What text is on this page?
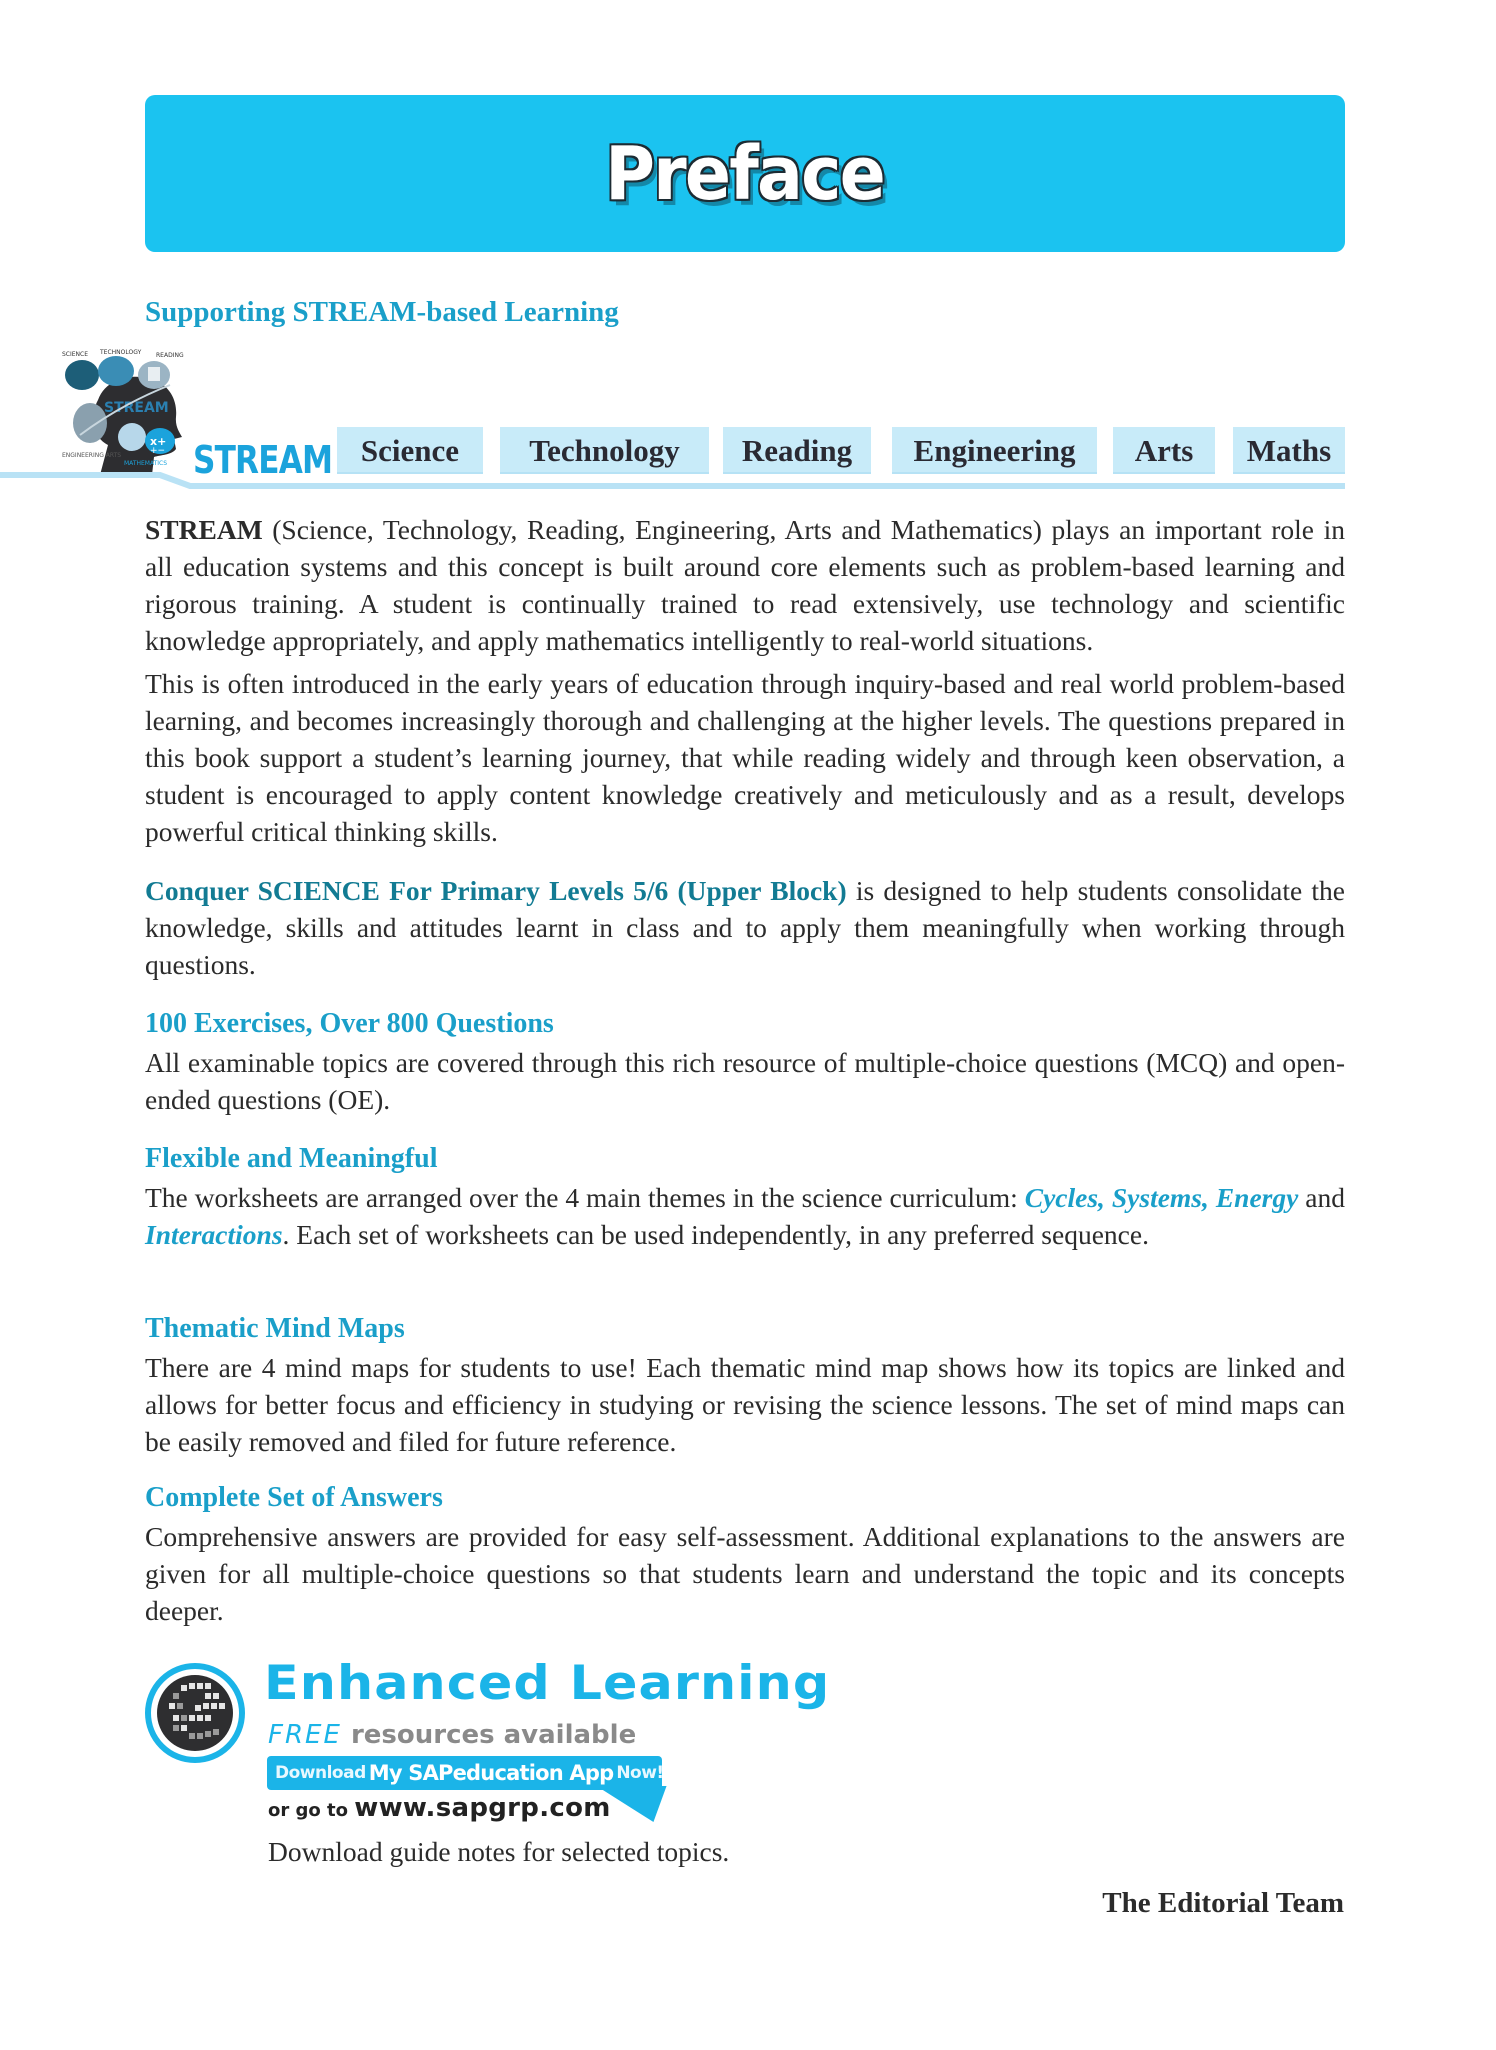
Preface
Supporting STREAM-based Learning
x+
+−
STREAM
SCIENCE TECHNOLOGY READING
ENGINEERING ARTS
MATHEMATICS STREAM Science Technology Reading Engineering Arts Maths

STREAM (Science, Technology, Reading, Engineering, Arts and Mathematics) plays an important role in all education systems and this concept is built around core elements such as problem-based learning and rigorous training. A student is continually trained to read extensively, use technology and scientific knowledge appropriately, and apply mathematics intelligently to real-world situations.

This is often introduced in the early years of education through inquiry-based and real world problem-based learning, and becomes increasingly thorough and challenging at the higher levels. The questions prepared in this book support a student’s learning journey, that while reading widely and through keen observation, a student is encouraged to apply content knowledge creatively and meticulously and as a result, develops powerful critical thinking skills.

Conquer SCIENCE For Primary Levels 5/6 (Upper Block) is designed to help students consolidate the knowledge, skills and attitudes learnt in class and to apply them meaningfully when working through questions.

100 Exercises, Over 800 Questions

All examinable topics are covered through this rich resource of multiple-choice questions (MCQ) and open-ended questions (OE).

Flexible and Meaningful

The worksheets are arranged over the 4 main themes in the science curriculum: Cycles, Systems, Energy and Interactions. Each set of worksheets can be used independently, in any preferred sequence.

Thematic Mind Maps

There are 4 mind maps for students to use! Each thematic mind map shows how its topics are linked and allows for better focus and efficiency in studying or revising the science lessons. The set of mind maps can be easily removed and filed for future reference.

Complete Set of Answers

Comprehensive answers are provided for easy self-assessment. Additional explanations to the answers are given for all multiple-choice questions so that students learn and understand the topic and its concepts deeper.

Enhanced Learning
FREE resources available
Download My SAPeducation App Now!
or go to www.sapgrp.com
Download guide notes for selected topics.
The Editorial Team
